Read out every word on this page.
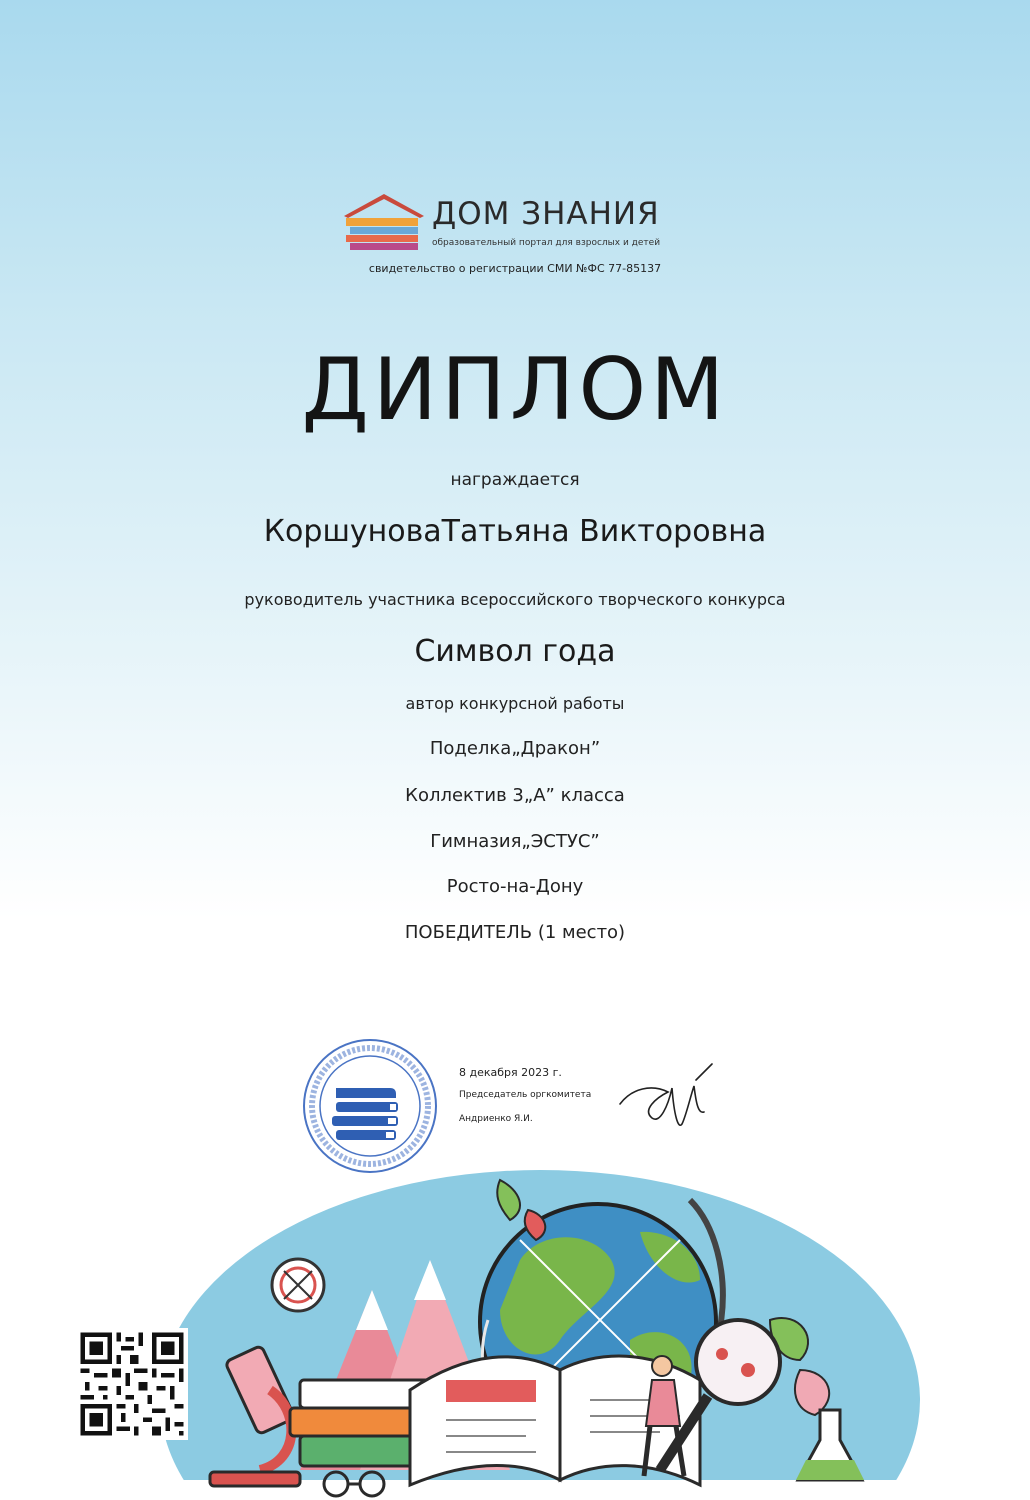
ДОМ ЗНАНИЯ
образовательный портал для взрослых и детей
свидетельство о регистрации СМИ №ФС 77-85137
ДИПЛОМ
награждается
КоршуноваТатьяна Викторовна
руководитель участника всероссийского творческого конкурса
Символ года
автор конкурсной работы
Поделка„Дракон”
Коллектив 3„А” класса
Гимназия„ЭСТУС”
Росто-на-Дону
ПОБЕДИТЕЛЬ (1 место)
8 декабря 2023 г.
Председатель оргкомитета
Андриенко Я.И.
